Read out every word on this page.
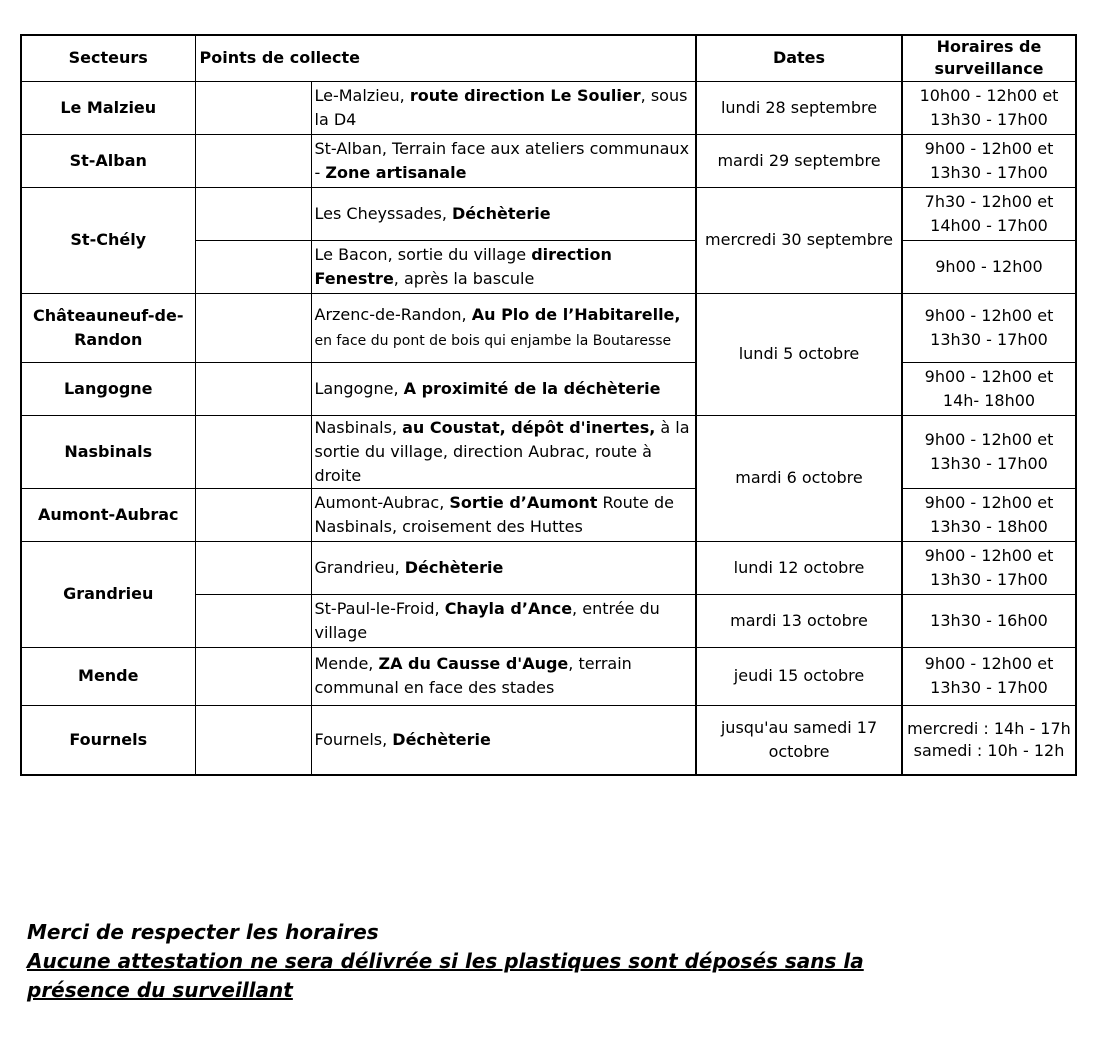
Secteurs	Points de collecte		Dates	Horaires de surveillance
Le Malzieu		Le-Malzieu, route direction Le Soulier, sous la D4	lundi 28 septembre	10h00 - 12h00 et 13h30 - 17h00
St-Alban		St-Alban, Terrain face aux ateliers communaux - Zone artisanale	mardi 29 septembre	9h00 - 12h00 et 13h30 - 17h00
St-Chély		Les Cheyssades, Déchèterie	mercredi 30 septembre	7h30 - 12h00 et 14h00 - 17h00
		Le Bacon, sortie du village direction Fenestre, après la bascule		9h00 - 12h00
Châteauneuf-de-Randon		Arzenc-de-Randon, Au Plo de l’Habitarelle, en face du pont de bois qui enjambe la Boutaresse	lundi 5 octobre	9h00 - 12h00 et 13h30 - 17h00
Langogne		Langogne, A proximité de la déchèterie		9h00 - 12h00 et 14h- 18h00
Nasbinals		Nasbinals, au Coustat, dépôt d'inertes, à la sortie du village, direction Aubrac, route à droite	mardi 6 octobre	9h00 - 12h00 et 13h30 - 17h00
Aumont-Aubrac		Aumont-Aubrac, Sortie d’Aumont Route de Nasbinals, croisement des Huttes		9h00 - 12h00 et 13h30 - 18h00
Grandrieu		Grandrieu, Déchèterie	lundi 12 octobre	9h00 - 12h00 et 13h30 - 17h00
		St-Paul-le-Froid, Chayla d’Ance, entrée du village	mardi 13 octobre	13h30 - 16h00
Mende		Mende, ZA du Causse d'Auge, terrain communal en face des stades	jeudi 15 octobre	9h00 - 12h00 et 13h30 - 17h00
Fournels		Fournels, Déchèterie	jusqu'au samedi 17 octobre	mercredi : 14h - 17h samedi : 10h - 12h
Merci de respecter les horaires
Aucune attestation ne sera délivrée si les plastiques sont déposés sans la présence du surveillant
